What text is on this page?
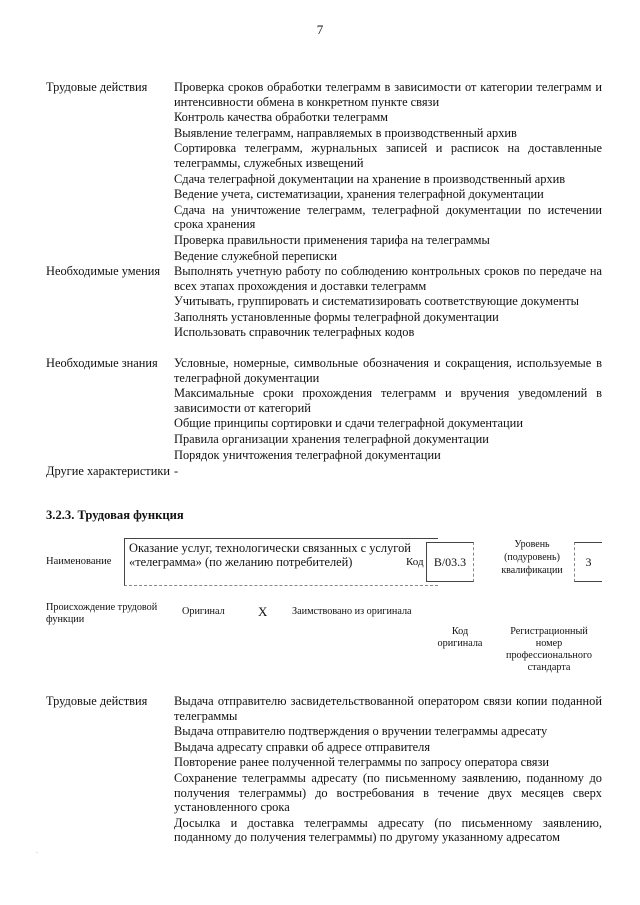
7
Трудовые действия	Проверка сроков обработки телеграмм в зависимости от категории телеграмм и интенсивности обмена в конкретном пункте связи
Контроль качества обработки телеграмм
Выявление телеграмм, направляемых в производственный архив
Сортировка телеграмм, журнальных записей и расписок на доставленные телеграммы, служебных извещений
Сдача телеграфной документации на хранение в производственный архив
Ведение учета, систематизации, хранения телеграфной документации
Сдача на уничтожение телеграмм, телеграфной документации по истечении срока хранения
Проверка правильности применения тарифа на телеграммы
Ведение служебной переписки
Необходимые умения	Выполнять учетную работу по соблюдению контрольных сроков по передаче на всех этапах прохождения и доставки телеграмм
Учитывать, группировать и систематизировать соответствующие документы
Заполнять установленные формы телеграфной документации
Использовать справочник телеграфных кодов
Необходимые знания	Условные, номерные, символьные обозначения и сокращения, используемые в телеграфной документации
Максимальные сроки прохождения телеграмм и вручения уведомлений в зависимости от категорий
Общие принципы сортировки и сдачи телеграфной документации
Правила организации хранения телеграфной документации
Порядок уничтожения телеграфной документации
Другие характеристики -
3.2.3. Трудовая функция
Наименование
Оказание услуг, технологически связанных с услугой «телеграмма» (по желанию потребителей)	Код В/03.3
Уровень (подуровень) квалификации
3
Происхождение трудовой функции
Оригинал	X Заимствовано из оригинала
Код оригинала
Регистрационный номер профессионального стандарта
Трудовые действия	Выдача отправителю засвидетельствованной оператором связи копии поданной телеграммы
Выдача отправителю подтверждения о вручении телеграммы адресату
Выдача адресату справки об адресе отправителя
Повторение ранее полученной телеграммы по запросу оператора связи
Сохранение телеграммы адресату (по письменному заявлению, поданному до получения телеграммы) до востребования в течение двух месяцев сверх установленного срока
Досылка и доставка телеграммы адресату (по письменному заявлению, поданному до получения телеграммы) по другому указанному адресатом
.
